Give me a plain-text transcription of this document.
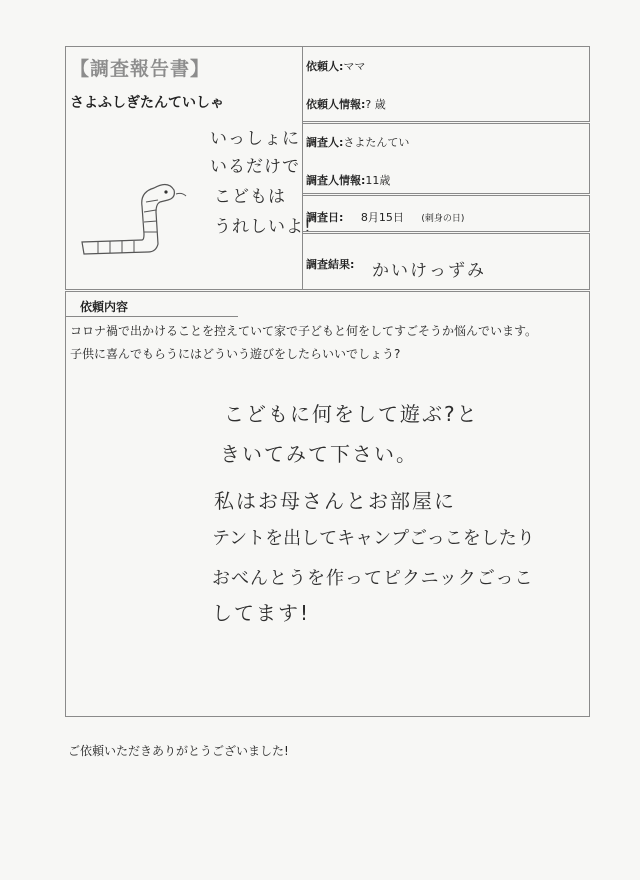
【調査報告書】
さよふしぎたんていしゃ
いっしょに
いるだけで
こどもは
うれしいよ!
依頼人:ママ
依頼人情報:? 歳
調査人:さよたんてい
調査人情報:11歳
調査日: 8月15日 (刺身の日)
調査結果: かいけっずみ
依頼内容
コロナ禍で出かけることを控えていて家で子どもと何をしてすごそうか悩んでいます。
子供に喜んでもらうにはどういう遊びをしたらいいでしょう?
こどもに何をして遊ぶ?と
きいてみて下さい。
私はお母さんとお部屋に
テントを出してキャンプごっこをしたり
おべんとうを作ってピクニックごっこ
してます!
ご依頼いただきありがとうございました!
